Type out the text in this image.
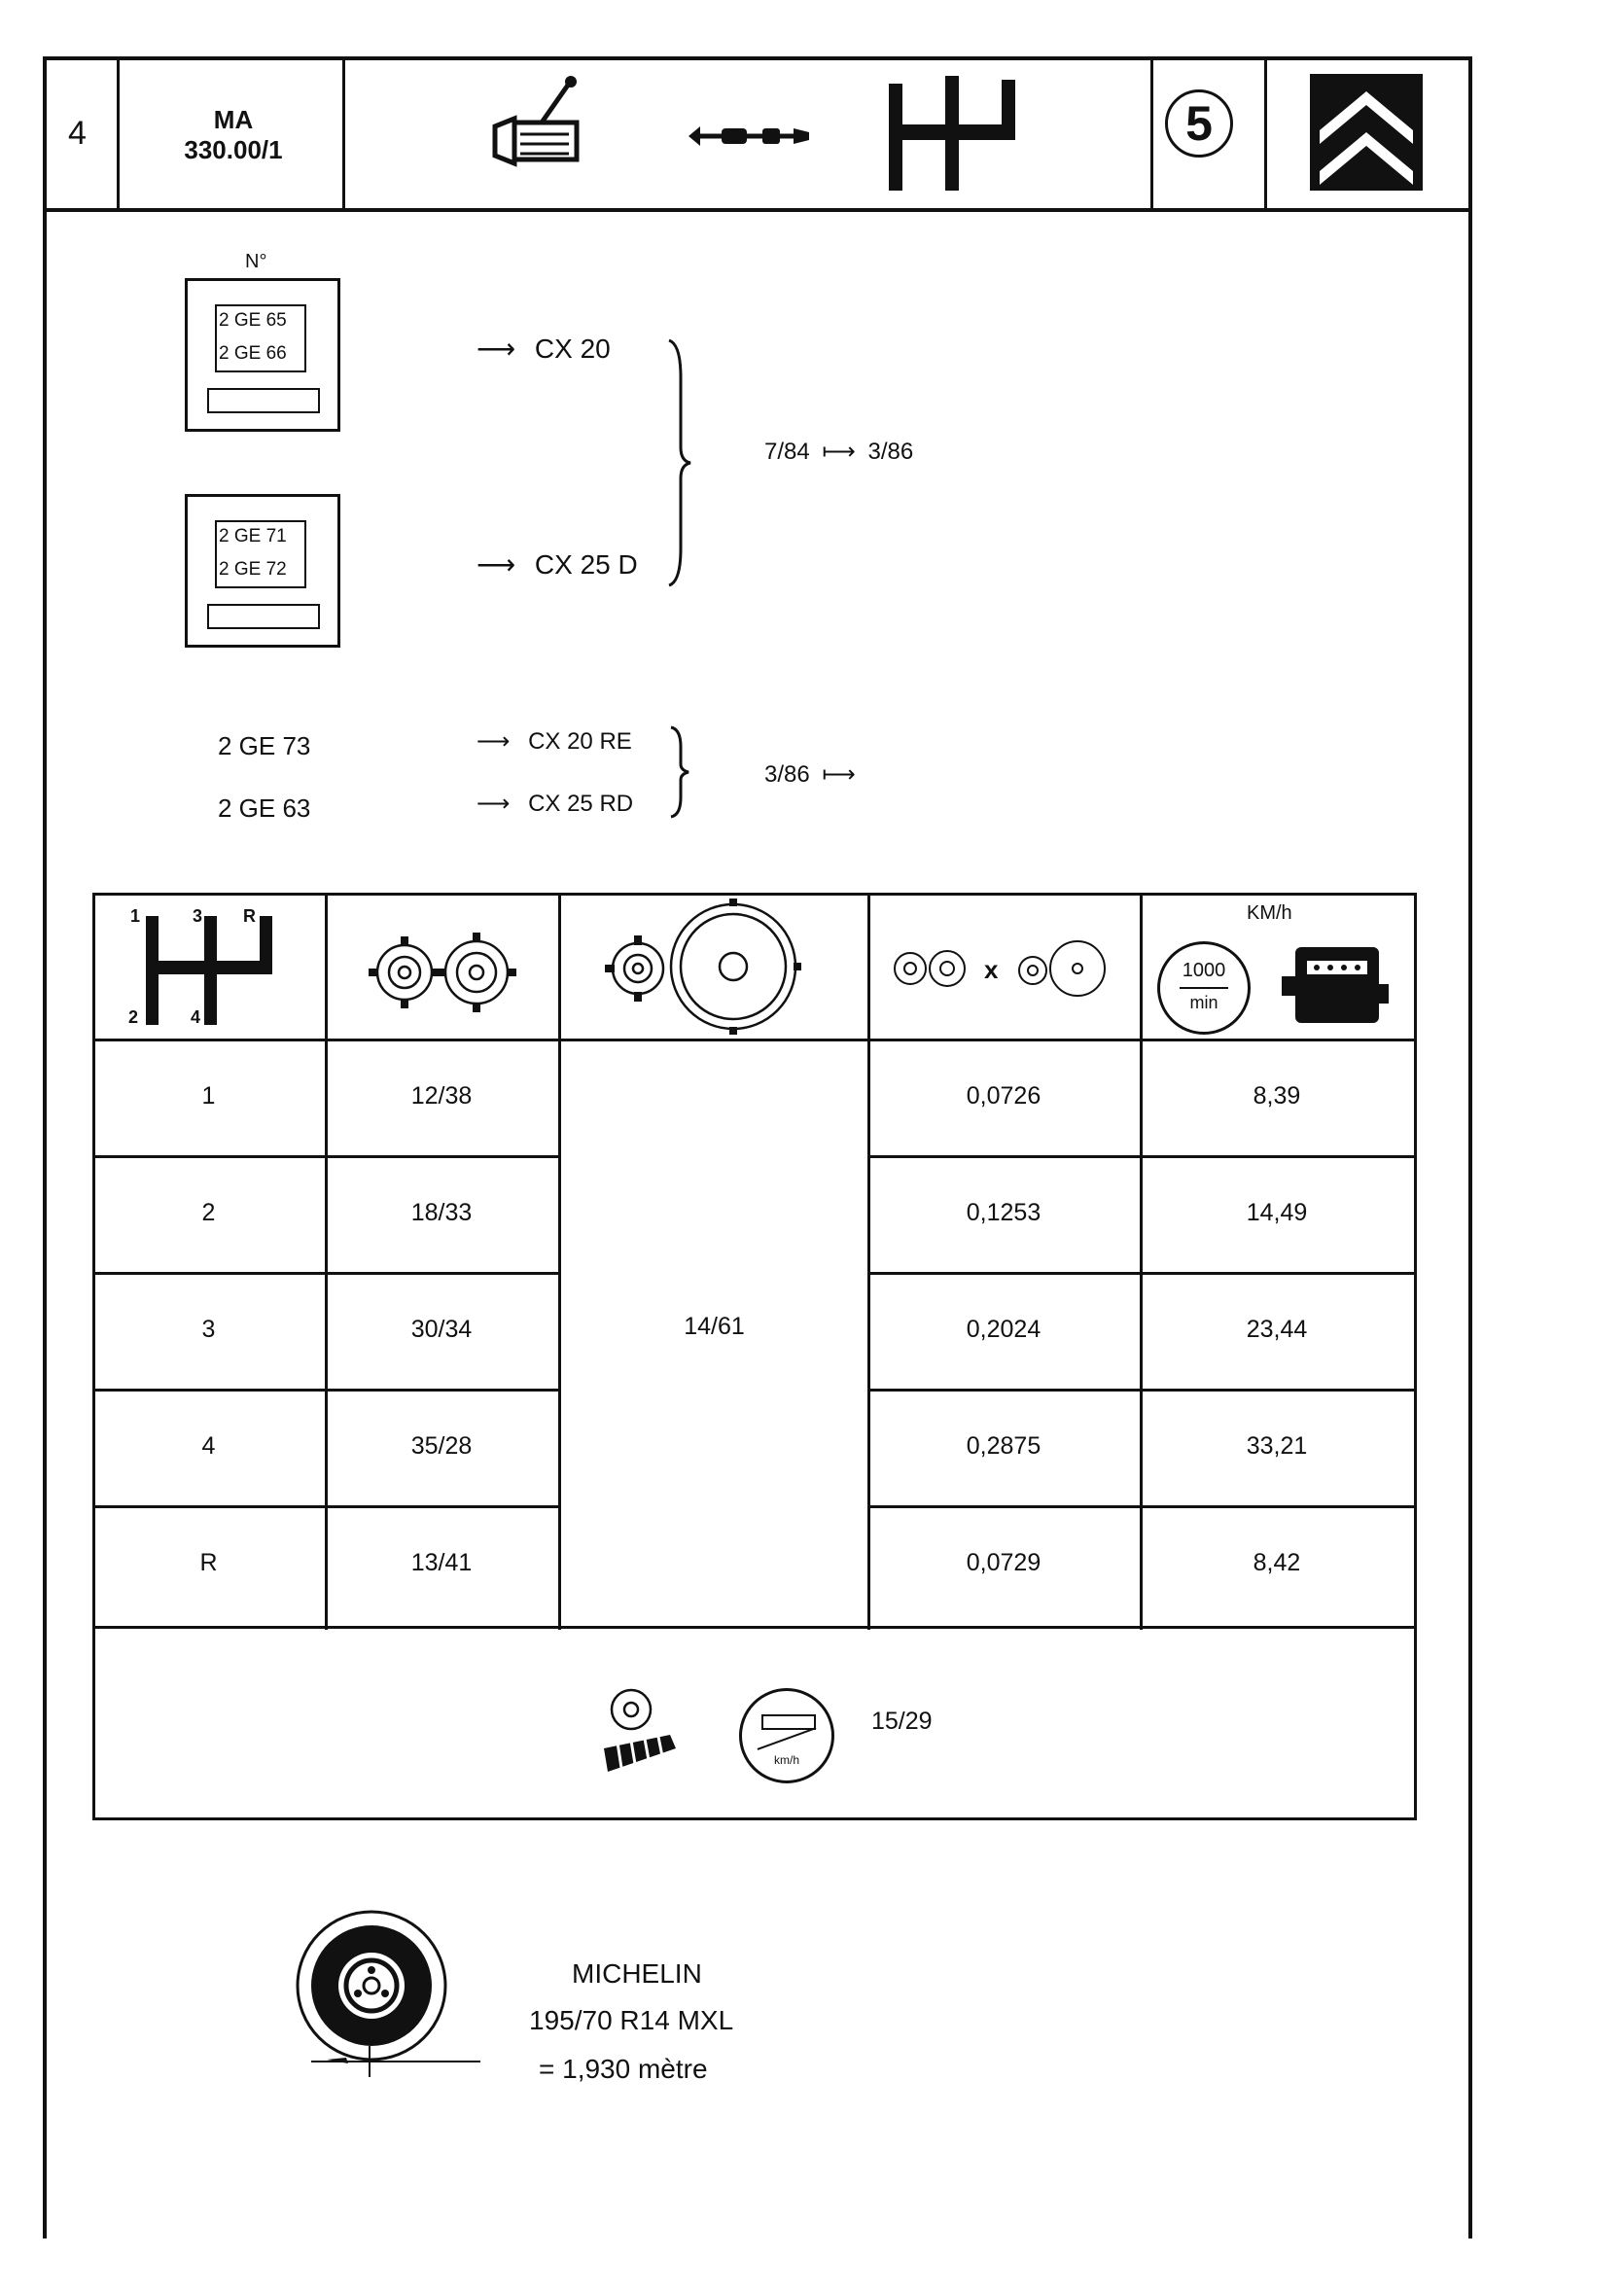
4	MA
330.00/1	5
N°
2 GE 65
2 GE 66	⟶ CX 20
2 GE 71
2 GE 72	⟶ CX 25 D
7/84 ⟼ 3/86
2 GE 73	⟶ CX 20 RE
2 GE 63	⟶ CX 25 RD
3/86 ⟼
1	3 R
2	4
x
KM/h
1000
min
1	12/38	0,0726	8,39
2	18/33	0,1253	14,49
3	30/34	0,2024	23,44
4	35/28	0,2875	33,21
R	13/41	0,0729	8,42
14/61
km/h
15/29
MICHELIN
195/70 R14 MXL
= 1,930 mètre
